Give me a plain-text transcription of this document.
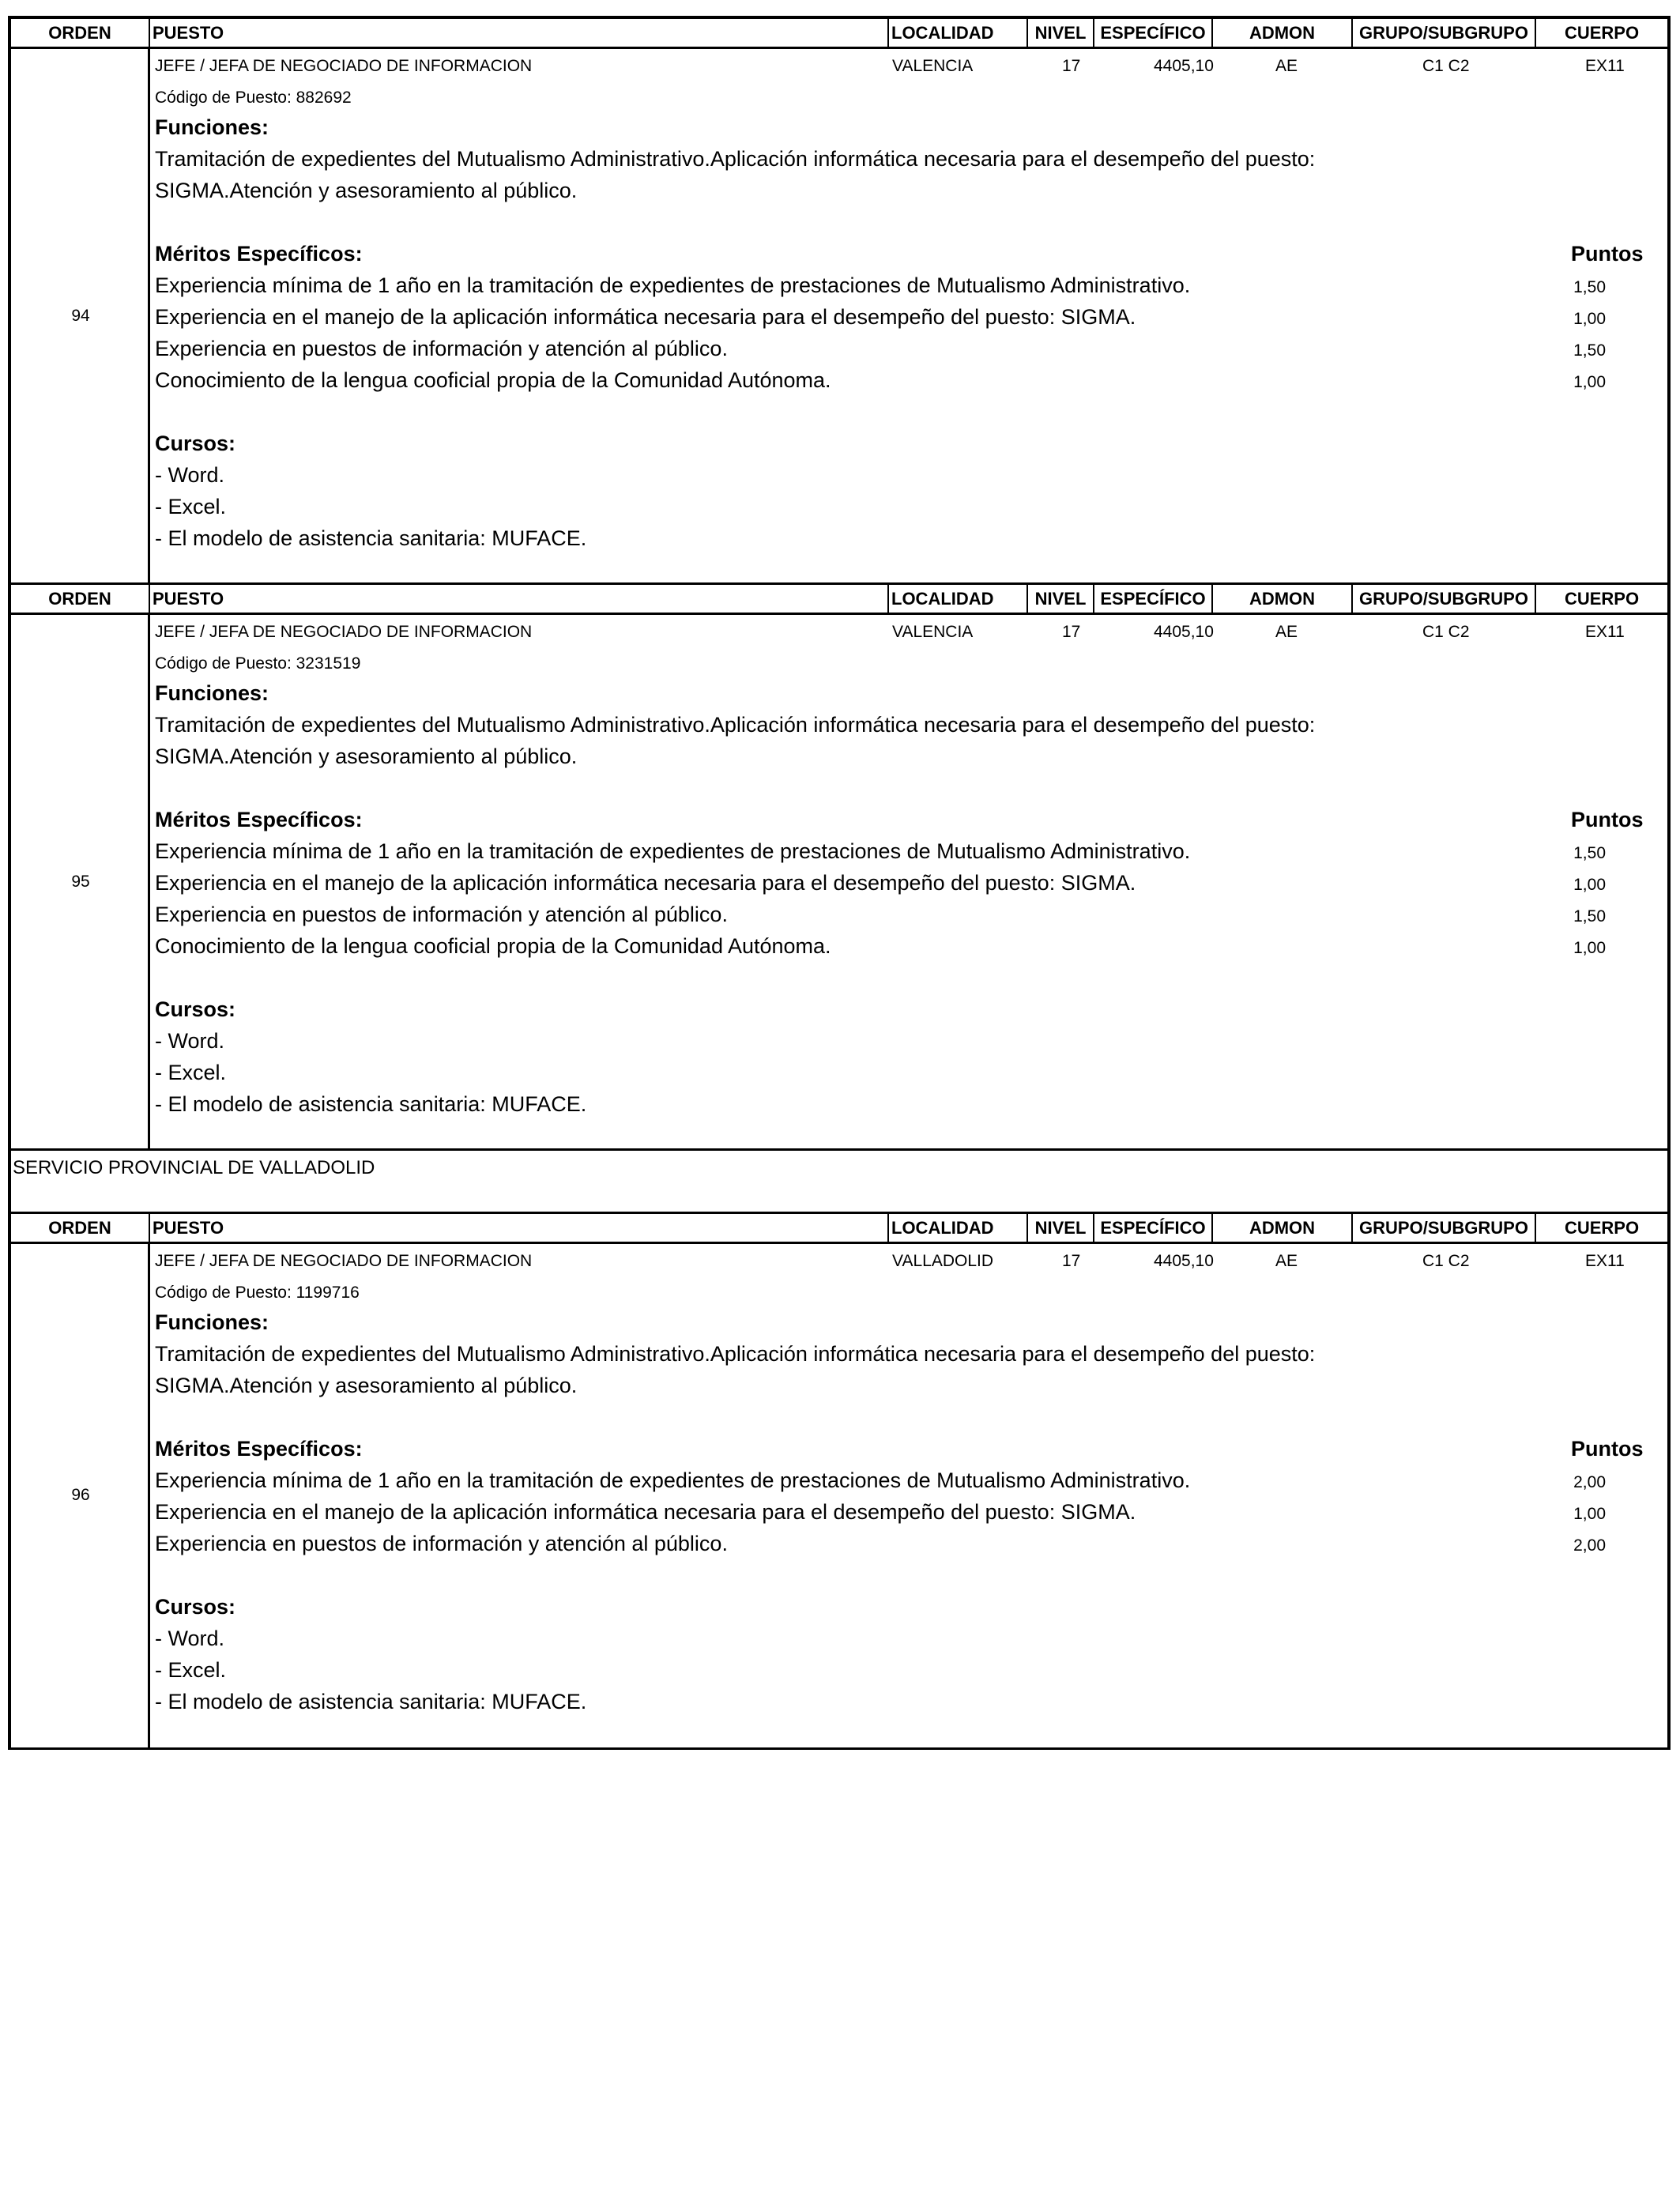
ORDEN	PUESTO	LOCALIDAD	NIVEL ESPECÍFICO	ADMON	GRUPO/SUBGRUPO	CUERPO
94
JEFE / JEFA DE NEGOCIADO DE INFORMACION	VALENCIA	17	4405,10	AE	C1 C2	EX11
Código de Puesto: 882692
Funciones:
Tramitación de expedientes del Mutualismo Administrativo.Aplicación informática necesaria para el desempeño del puesto:
SIGMA.Atención y asesoramiento al público.
Méritos Específicos:	Puntos
Experiencia mínima de 1 año en la tramitación de expedientes de prestaciones de Mutualismo Administrativo.	1,50
Experiencia en el manejo de la aplicación informática necesaria para el desempeño del puesto: SIGMA.	1,00
Experiencia en puestos de información y atención al público.	1,50
Conocimiento de la lengua cooficial propia de la Comunidad Autónoma.	1,00
Cursos:
- Word.
- Excel.
- El modelo de asistencia sanitaria: MUFACE.
ORDEN	PUESTO	LOCALIDAD	NIVEL ESPECÍFICO	ADMON	GRUPO/SUBGRUPO	CUERPO
95
JEFE / JEFA DE NEGOCIADO DE INFORMACION	VALENCIA	17	4405,10	AE	C1 C2	EX11
Código de Puesto: 3231519
Funciones:
Tramitación de expedientes del Mutualismo Administrativo.Aplicación informática necesaria para el desempeño del puesto:
SIGMA.Atención y asesoramiento al público.
Méritos Específicos:	Puntos
Experiencia mínima de 1 año en la tramitación de expedientes de prestaciones de Mutualismo Administrativo.	1,50
Experiencia en el manejo de la aplicación informática necesaria para el desempeño del puesto: SIGMA.	1,00
Experiencia en puestos de información y atención al público.	1,50
Conocimiento de la lengua cooficial propia de la Comunidad Autónoma.	1,00
Cursos:
- Word.
- Excel.
- El modelo de asistencia sanitaria: MUFACE.
SERVICIO PROVINCIAL DE VALLADOLID
ORDEN	PUESTO	LOCALIDAD	NIVEL ESPECÍFICO	ADMON	GRUPO/SUBGRUPO	CUERPO
96
JEFE / JEFA DE NEGOCIADO DE INFORMACION	VALLADOLID	17	4405,10	AE	C1 C2	EX11
Código de Puesto: 1199716
Funciones:
Tramitación de expedientes del Mutualismo Administrativo.Aplicación informática necesaria para el desempeño del puesto:
SIGMA.Atención y asesoramiento al público.
Méritos Específicos:	Puntos
Experiencia mínima de 1 año en la tramitación de expedientes de prestaciones de Mutualismo Administrativo.	2,00
Experiencia en el manejo de la aplicación informática necesaria para el desempeño del puesto: SIGMA.	1,00
Experiencia en puestos de información y atención al público.	2,00
Cursos:
- Word.
- Excel.
- El modelo de asistencia sanitaria: MUFACE.
